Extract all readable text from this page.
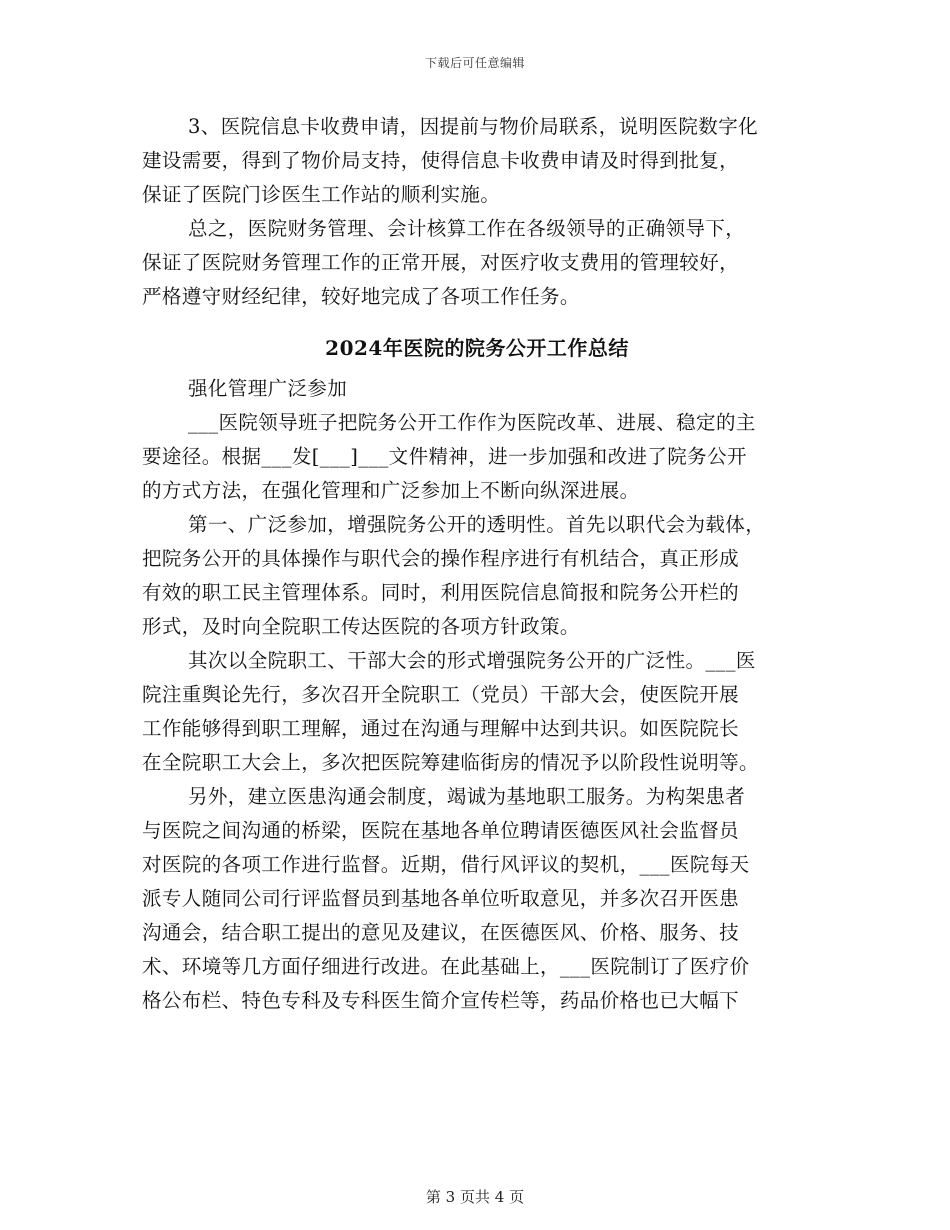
下载后可任意编辑
3、医院信息卡收费申请，因提前与物价局联系，说明医院数字化
建设需要，得到了物价局支持，使得信息卡收费申请及时得到批复，
保证了医院门诊医生工作站的顺利实施。
总之，医院财务管理、会计核算工作在各级领导的正确领导下，
保证了医院财务管理工作的正常开展，对医疗收支费用的管理较好，
严格遵守财经纪律，较好地完成了各项工作任务。
2024年医院的院务公开工作总结
强化管理广泛参加
___医院领导班子把院务公开工作作为医院改革、进展、稳定的主
要途径。根据___发[___]___文件精神，进一步加强和改进了院务公开
的方式方法，在强化管理和广泛参加上不断向纵深进展。
第一、广泛参加，增强院务公开的透明性。首先以职代会为载体，
把院务公开的具体操作与职代会的操作程序进行有机结合，真正形成
有效的职工民主管理体系。同时，利用医院信息简报和院务公开栏的
形式，及时向全院职工传达医院的各项方针政策。
其次以全院职工、干部大会的形式增强院务公开的广泛性。___医
院注重舆论先行，多次召开全院职工（党员）干部大会，使医院开展
工作能够得到职工理解，通过在沟通与理解中达到共识。如医院院长
在全院职工大会上，多次把医院筹建临街房的情况予以阶段性说明等。
另外，建立医患沟通会制度，竭诚为基地职工服务。为构架患者
与医院之间沟通的桥梁，医院在基地各单位聘请医德医风社会监督员
对医院的各项工作进行监督。近期，借行风评议的契机，___医院每天
派专人随同公司行评监督员到基地各单位听取意见，并多次召开医患
沟通会，结合职工提出的意见及建议，在医德医风、价格、服务、技
术、环境等几方面仔细进行改进。在此基础上，___医院制订了医疗价
格公布栏、特色专科及专科医生简介宣传栏等，药品价格也已大幅下
第 3 页共 4 页
